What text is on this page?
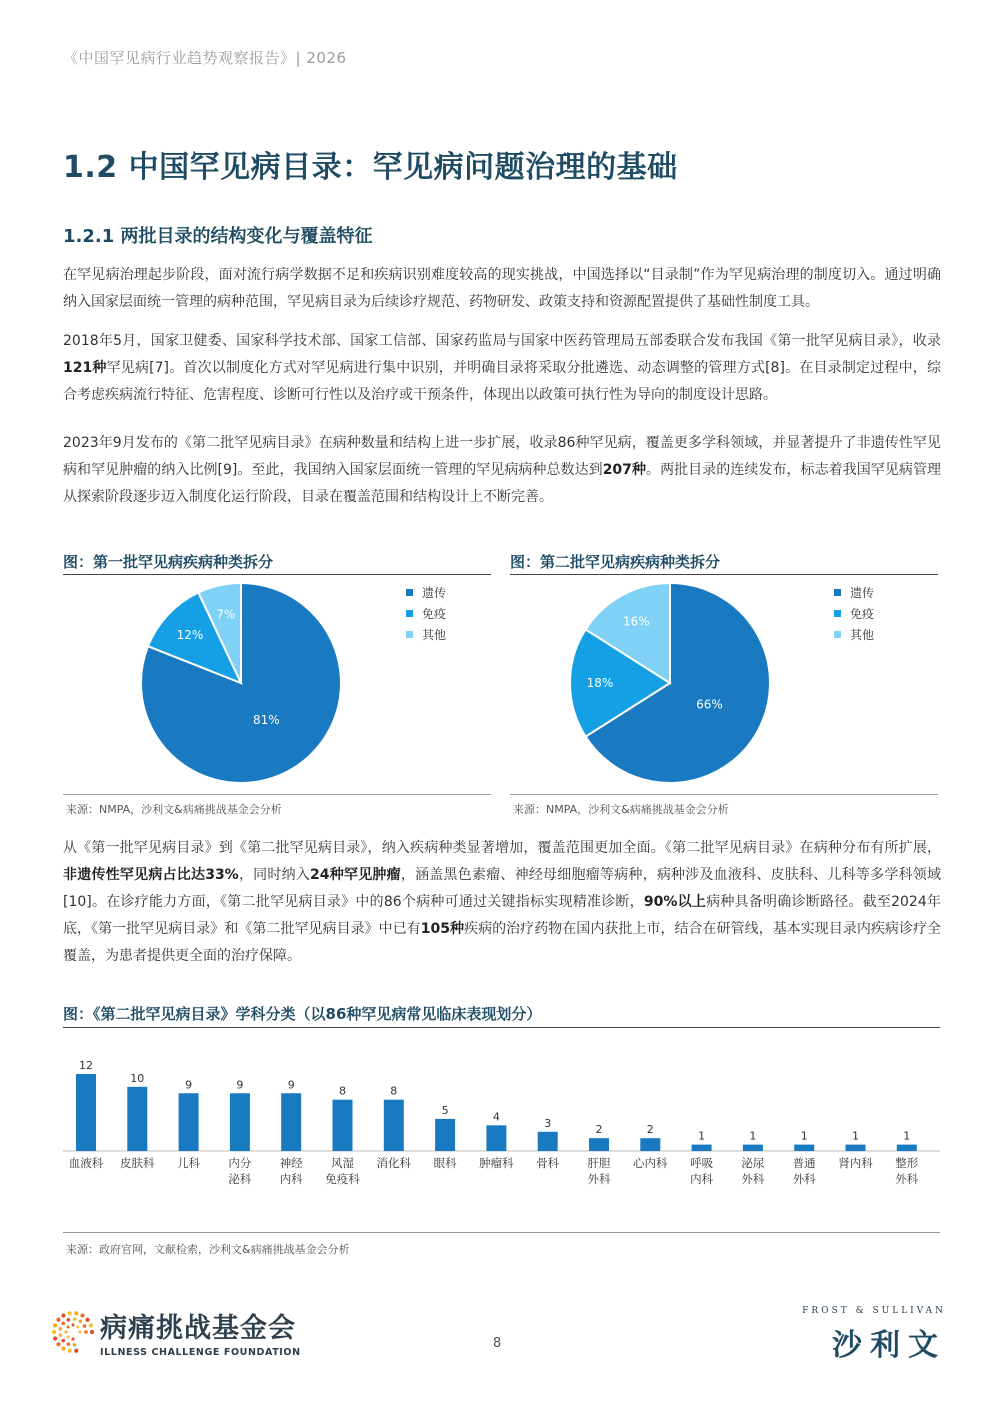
《中国罕见病行业趋势观察报告》| 2026
1.2 中国罕见病目录：罕见病问题治理的基础
1.2.1 两批目录的结构变化与覆盖特征
在罕见病治理起步阶段，面对流行病学数据不足和疾病识别难度较高的现实挑战，中国选择以“目录制”作为罕见病治理的制度切入。通过明确纳入国家层面统一管理的病种范围，罕见病目录为后续诊疗规范、药物研发、政策支持和资源配置提供了基础性制度工具。
2018年5月，国家卫健委、国家科学技术部、国家工信部、国家药监局与国家中医药管理局五部委联合发布我国《第一批罕见病目录》，收录121种罕见病[7]。首次以制度化方式对罕见病进行集中识别，并明确目录将采取分批遴选、动态调整的管理方式[8]。在目录制定过程中，综合考虑疾病流行特征、危害程度、诊断可行性以及治疗或干预条件，体现出以政策可执行性为导向的制度设计思路。
2023年9月发布的《第二批罕见病目录》在病种数量和结构上进一步扩展，收录86种罕见病，覆盖更多学科领域，并显著提升了非遗传性罕见病和罕见肿瘤的纳入比例[9]。至此，我国纳入国家层面统一管理的罕见病病种总数达到207种。两批目录的连续发布，标志着我国罕见病管理从探索阶段逐步迈入制度化运行阶段，目录在覆盖范围和结构设计上不断完善。
图：第一批罕见病疾病种类拆分
81%
12%
7%
遗传
免疫
其他
来源：NMPA，沙利文&病痛挑战基金会分析
图：第二批罕见病疾病种类拆分
66%
18%
16%
遗传
免疫
其他
来源：NMPA，沙利文&病痛挑战基金会分析
从《第一批罕见病目录》到《第二批罕见病目录》，纳入疾病种类显著增加，覆盖范围更加全面。《第二批罕见病目录》在病种分布有所扩展，非遗传性罕见病占比达33%，同时纳入24种罕见肿瘤，涵盖黑色素瘤、神经母细胞瘤等病种，病种涉及血液科、皮肤科、儿科等多学科领域[10]。在诊疗能力方面，《第二批罕见病目录》中的86个病种可通过关键指标实现精准诊断，90%以上病种具备明确诊断路径。截至2024年底，《第一批罕见病目录》和《第二批罕见病目录》中已有105种疾病的治疗药物在国内获批上市，结合在研管线，基本实现目录内疾病诊疗全覆盖，为患者提供更全面的治疗保障。
图：《第二批罕见病目录》学科分类（以86种罕见病常见临床表现划分）
12
血液科
10
皮肤科
9
儿科
9
内分
泌科
9
神经
内科
8
风湿
免疫科
8
消化科
5
眼科
4
肿瘤科
3
骨科
2
肝胆
外科
2
心内科
1
呼吸
内科
1
泌尿
外科
1
普通
外科
1
肾内科
1
整形
外科
来源：政府官网，文献检索，沙利文&病痛挑战基金会分析
病痛挑战基金会
ILLNESS CHALLENGE FOUNDATION
8
FROST & SULLIVAN
沙利文
